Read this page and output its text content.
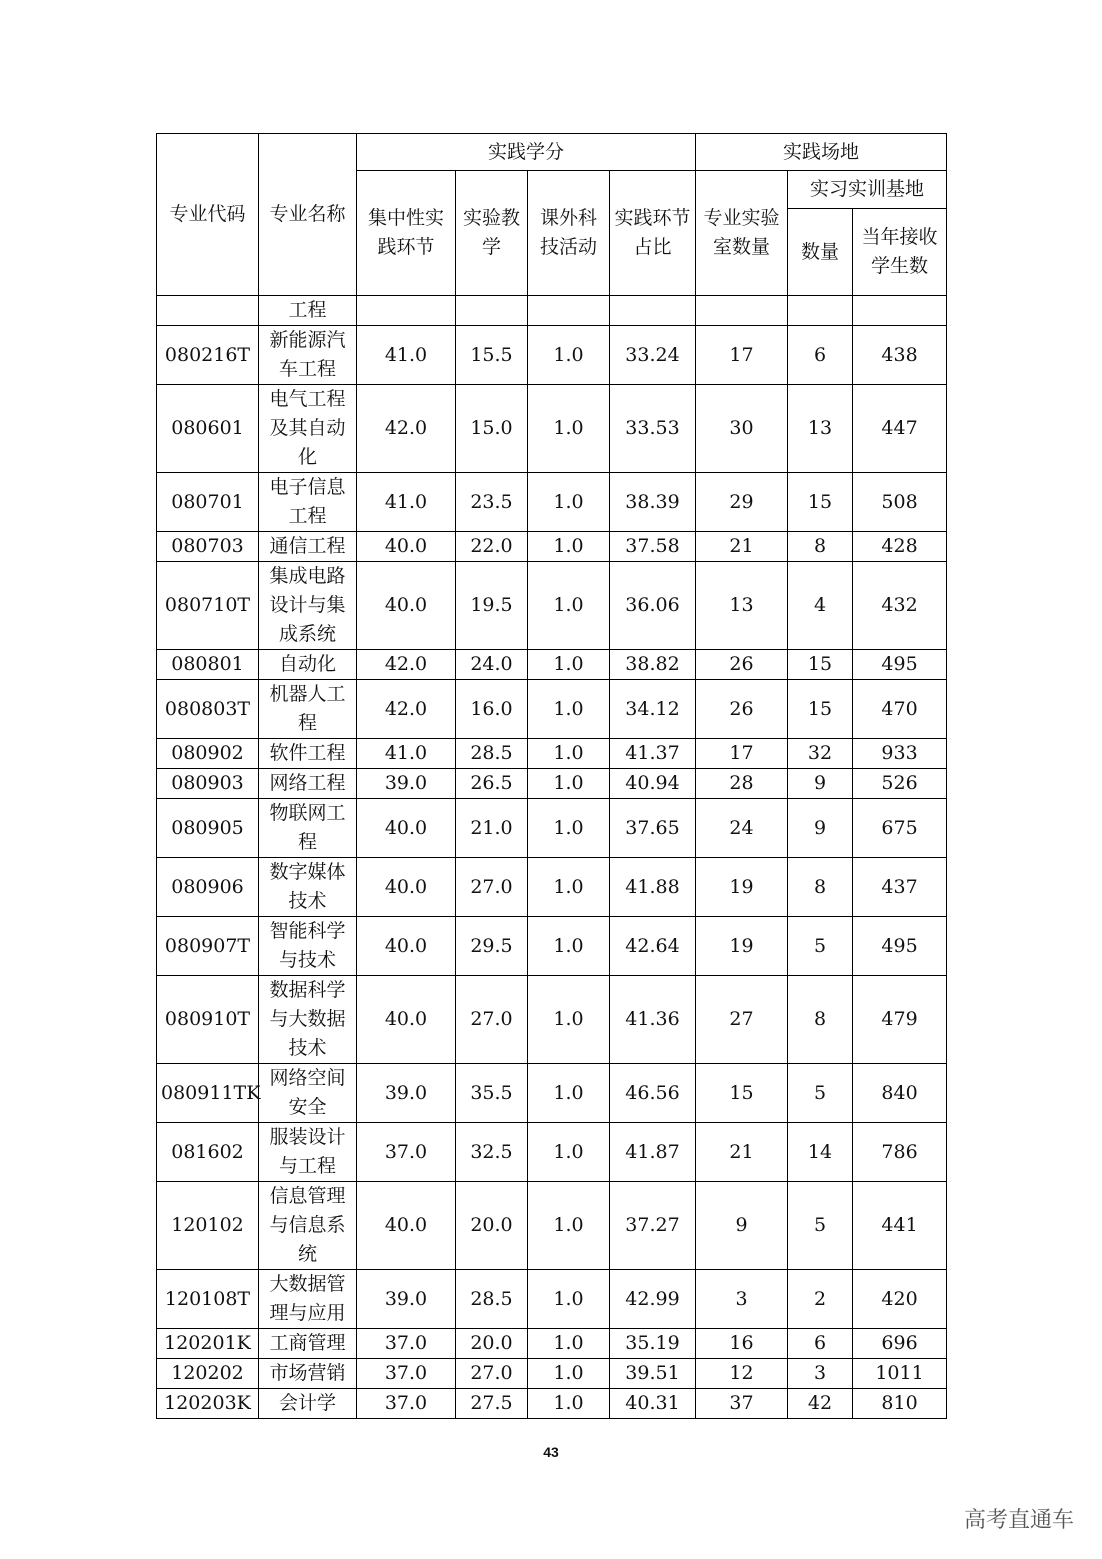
专业代码	专业名称	实践学分				实践场地		
		集中性实践环节	实验教学	课外科技活动	实践环节占比	专业实验室数量	实习实训基地	
							数量	当年接收学生数
	工程							
080216T	新能源汽车工程	41.0	15.5	1.0	33.24	17	6	438
080601	电气工程及其自动化	42.0	15.0	1.0	33.53	30	13	447
080701	电子信息工程	41.0	23.5	1.0	38.39	29	15	508
080703	通信工程	40.0	22.0	1.0	37.58	21	8	428
080710T	集成电路设计与集成系统	40.0	19.5	1.0	36.06	13	4	432
080801	自动化	42.0	24.0	1.0	38.82	26	15	495
080803T	机器人工程	42.0	16.0	1.0	34.12	26	15	470
080902	软件工程	41.0	28.5	1.0	41.37	17	32	933
080903	网络工程	39.0	26.5	1.0	40.94	28	9	526
080905	物联网工程	40.0	21.0	1.0	37.65	24	9	675
080906	数字媒体技术	40.0	27.0	1.0	41.88	19	8	437
080907T	智能科学与技术	40.0	29.5	1.0	42.64	19	5	495
080910T	数据科学与大数据技术	40.0	27.0	1.0	41.36	27	8	479
080911TK	网络空间安全	39.0	35.5	1.0	46.56	15	5	840
081602	服装设计与工程	37.0	32.5	1.0	41.87	21	14	786
120102	信息管理与信息系统	40.0	20.0	1.0	37.27	9	5	441
120108T	大数据管理与应用	39.0	28.5	1.0	42.99	3	2	420
120201K	工商管理	37.0	20.0	1.0	35.19	16	6	696
120202	市场营销	37.0	27.0	1.0	39.51	12	3	1011
120203K	会计学	37.0	27.5	1.0	40.31	37	42	810
43
高考直通车
